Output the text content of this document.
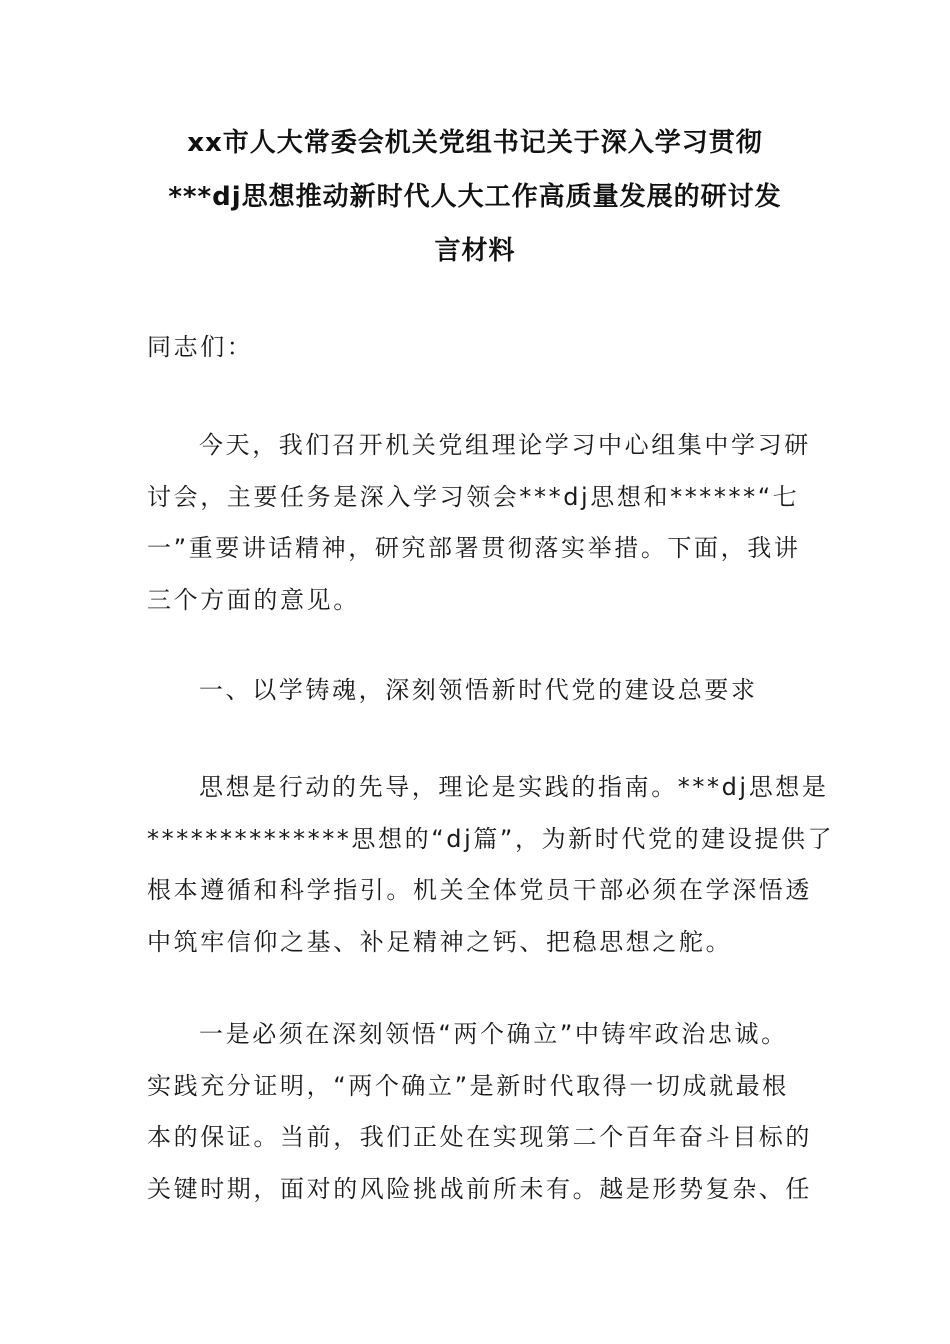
xx市人大常委会机关党组书记关于深入学习贯彻
***dj思想推动新时代人大工作高质量发展的研讨发
言材料
同志们：
今天，我们召开机关党组理论学习中心组集中学习研
讨会，主要任务是深入学习领会***dj思想和******“七
一”重要讲话精神，研究部署贯彻落实举措。下面，我讲
三个方面的意见。
一、以学铸魂，深刻领悟新时代党的建设总要求
思想是行动的先导，理论是实践的指南。***dj思想是
**************思想的“dj篇”，为新时代党的建设提供了
根本遵循和科学指引。机关全体党员干部必须在学深悟透
中筑牢信仰之基、补足精神之钙、把稳思想之舵。
一是必须在深刻领悟“两个确立”中铸牢政治忠诚。
实践充分证明，“两个确立”是新时代取得一切成就最根
本的保证。当前，我们正处在实现第二个百年奋斗目标的
关键时期，面对的风险挑战前所未有。越是形势复杂、任
